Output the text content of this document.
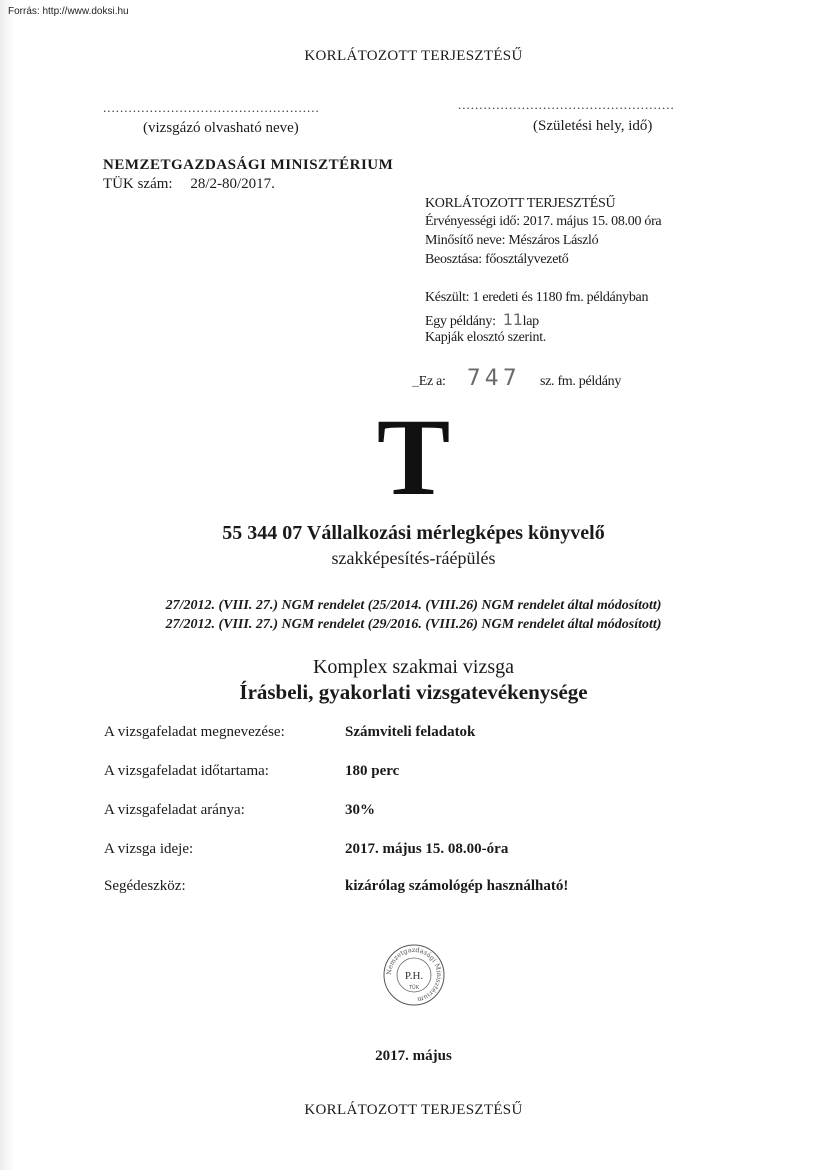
Forrás: http://www.doksi.hu
KORLÁTOZOTT TERJESZTÉSŰ
...................................................	...................................................
(vizsgázó olvasható neve)	(Születési hely, idő)
NEMZETGAZDASÁGI MINISZTÉRIUM
TÜK szám: 28/2-80/2017.
KORLÁTOZOTT TERJESZTÉSŰ
Érvényességi idő: 2017. május 15. 08.00 óra
Minősítő neve: Mészáros László
Beosztása: főosztályvezető
Készült: 1 eredeti és 1180 fm. példányban
Egy példány: 11lap
Kapják elosztó szerint.
_Ez a: 747 sz. fm. példány
T
55 344 07 Vállalkozási mérlegképes könyvelő
szakképesítés-ráépülés
27/2012. (VIII. 27.) NGM rendelet (25/2014. (VIII.26) NGM rendelet által módosított)
27/2012. (VIII. 27.) NGM rendelet (29/2016. (VIII.26) NGM rendelet által módosított)
Komplex szakmai vizsga
Írásbeli, gyakorlati vizsgatevékenysége
A vizsgafeladat megnevezése:	Számviteli feladatok
A vizsgafeladat időtartama:	180 perc
A vizsgafeladat aránya:	30%
A vizsga ideje:	2017. május 15. 08.00-óra
Segédeszköz:	kizárólag számológép használható!
Nemzetgazdasági Minisztérium
P.H.
TÜK
2017. május
KORLÁTOZOTT TERJESZTÉSŰ
